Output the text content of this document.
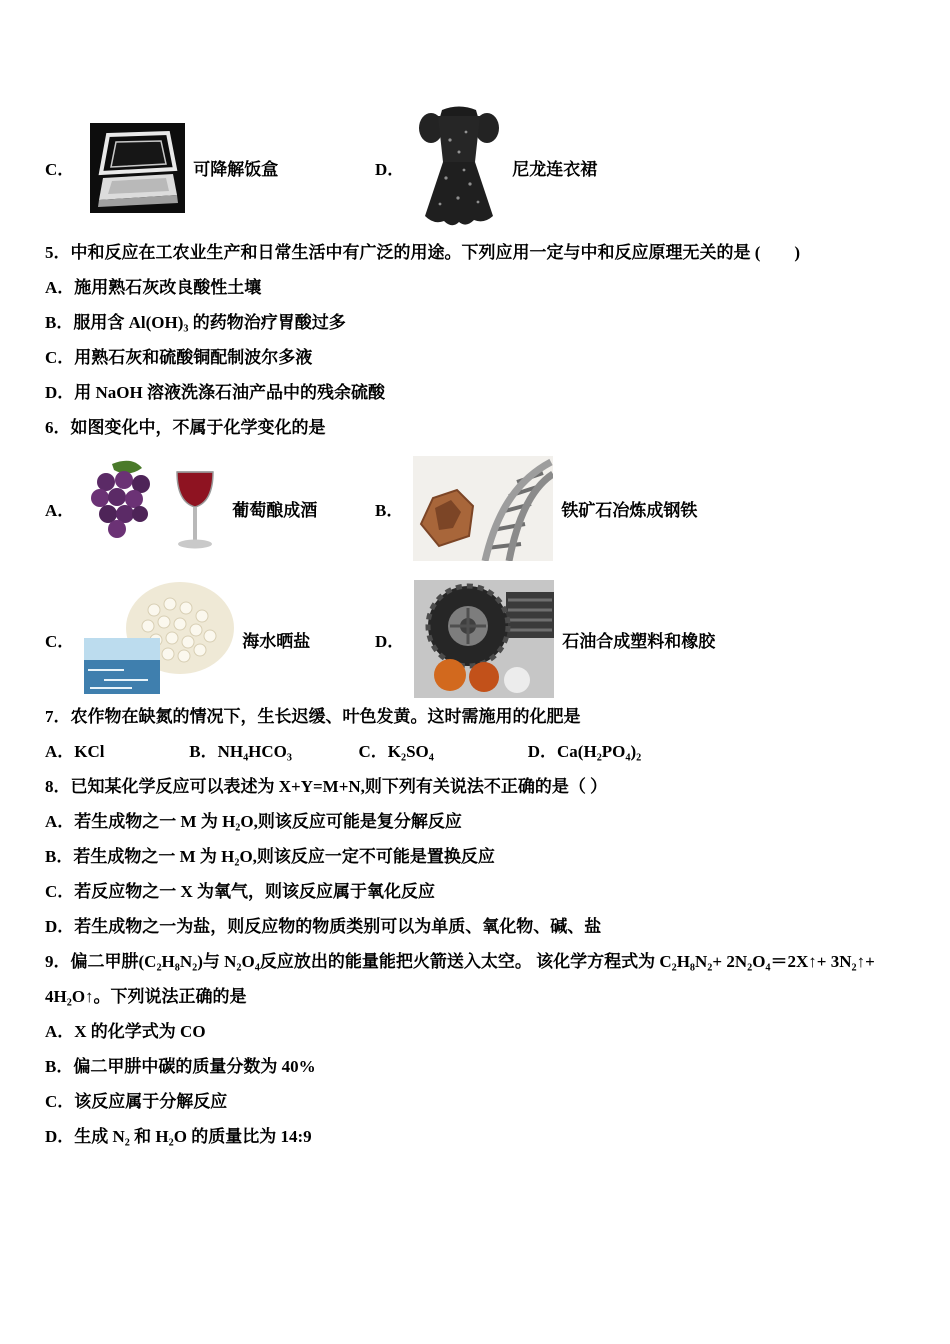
C．	可降解饭盒	D．	尼龙连衣裙

5．中和反应在工农业生产和日常生活中有广泛的用途。下列应用一定与中和反应原理无关的是 (　　)

A．施用熟石灰改良酸性土壤

B．服用含 Al(OH)₃ 的药物治疗胃酸过多

C．用熟石灰和硫酸铜配制波尔多液

D．用 NaOH 溶液洗涤石油产品中的残余硫酸

6．如图变化中，不属于化学变化的是

A．	葡萄酿成酒	B．	铁矿石冶炼成钢铁
C．	海水晒盐	D．	石油合成塑料和橡胶

7．农作物在缺氮的情况下，生长迟缓、叶色发黄。这时需施用的化肥是

A．KCl	B．NH₄HCO₃	C．K₂SO₄	D．Ca(H₂PO₄)₂

8．已知某化学反应可以表述为 X+Y=M+N,则下列有关说法不正确的是（ ）

A．若生成物之一 M 为 H₂O,则该反应可能是复分解反应

B．若生成物之一 M 为 H₂O,则该反应一定不可能是置换反应

C．若反应物之一 X 为氧气，则该反应属于氧化反应

D．若生成物之一为盐，则反应物的物质类别可以为单质、氧化物、碱、盐

9．偏二甲肼(C₂H₈N₂)与 N₂O₄反应放出的能量能把火箭送入太空。 该化学方程式为 C₂H₈N₂+ 2N₂O₄＝2X↑+ 3N₂↑+ 4H₂O↑。下列说法正确的是

A．X 的化学式为 CO

B．偏二甲肼中碳的质量分数为 40%

C．该反应属于分解反应

D．生成 N₂ 和 H₂O 的质量比为 14:9
